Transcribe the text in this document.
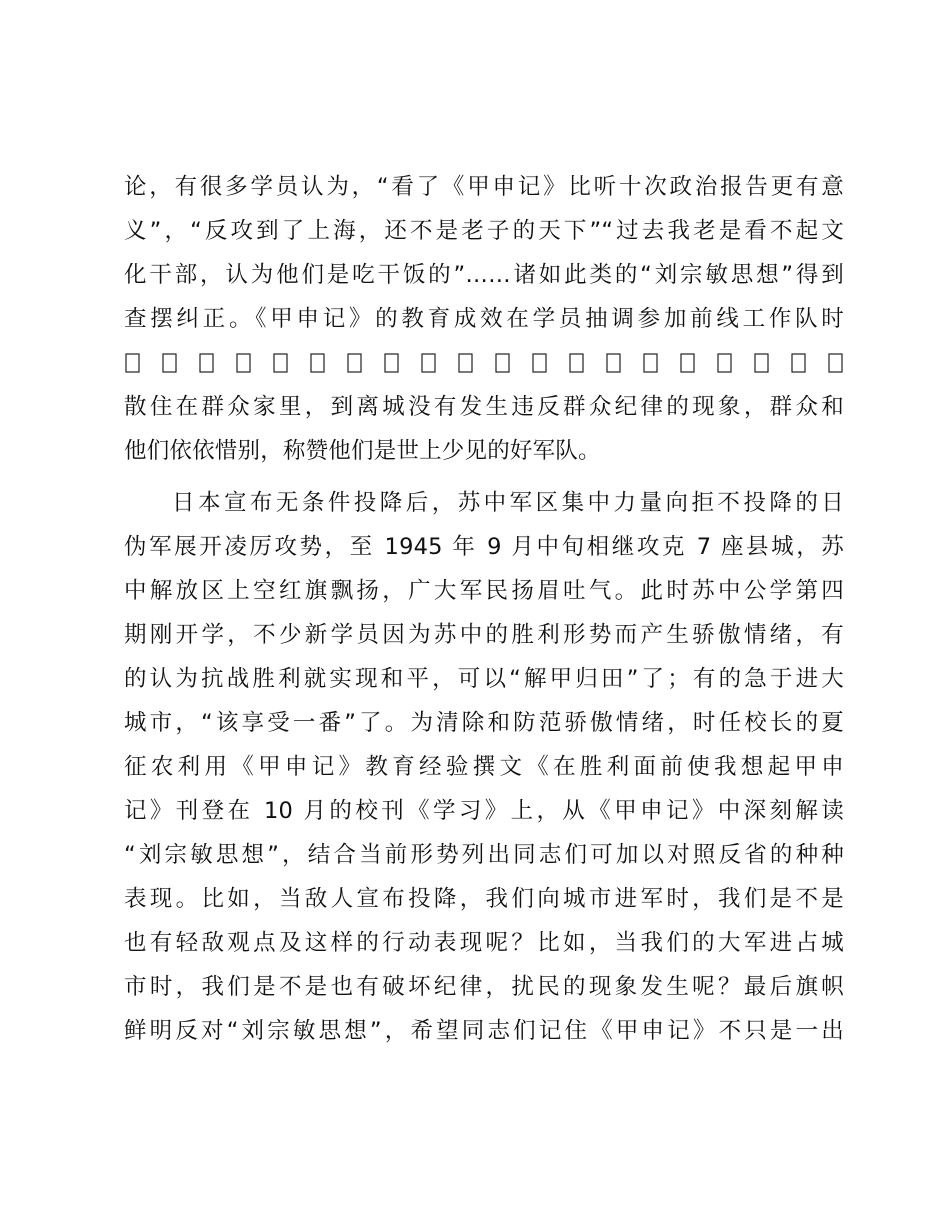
论，有很多学员认为，“看了《甲申记》比听十次政治报告更有意
义”，“反攻到了上海，还不是老子的天下”“过去我老是看不起文
化干部，认为他们是吃干饭的”……诸如此类的“刘宗敏思想”得到
查摆纠正。《甲申记》的教育成效在学员抽调参加前线工作队时
散住在群众家里，到离城没有发生违反群众纪律的现象，群众和
他们依依惜别，称赞他们是世上少见的好军队。
日本宣布无条件投降后，苏中军区集中力量向拒不投降的日
伪军展开凌厉攻势，至 1945 年 9 月中旬相继攻克 7 座县城，苏
中解放区上空红旗飘扬，广大军民扬眉吐气。此时苏中公学第四
期刚开学，不少新学员因为苏中的胜利形势而产生骄傲情绪，有
的认为抗战胜利就实现和平，可以“解甲归田”了；有的急于进大
城市，“该享受一番”了。为清除和防范骄傲情绪，时任校长的夏
征农利用《甲申记》教育经验撰文《在胜利面前使我想起甲申
记》刊登在 10 月的校刊《学习》上，从《甲申记》中深刻解读
“刘宗敏思想”，结合当前形势列出同志们可加以对照反省的种种
表现。比如，当敌人宣布投降，我们向城市进军时，我们是不是
也有轻敌观点及这样的行动表现呢？比如，当我们的大军进占城
市时，我们是不是也有破坏纪律，扰民的现象发生呢？最后旗帜
鲜明反对“刘宗敏思想”，希望同志们记住《甲申记》不只是一出
